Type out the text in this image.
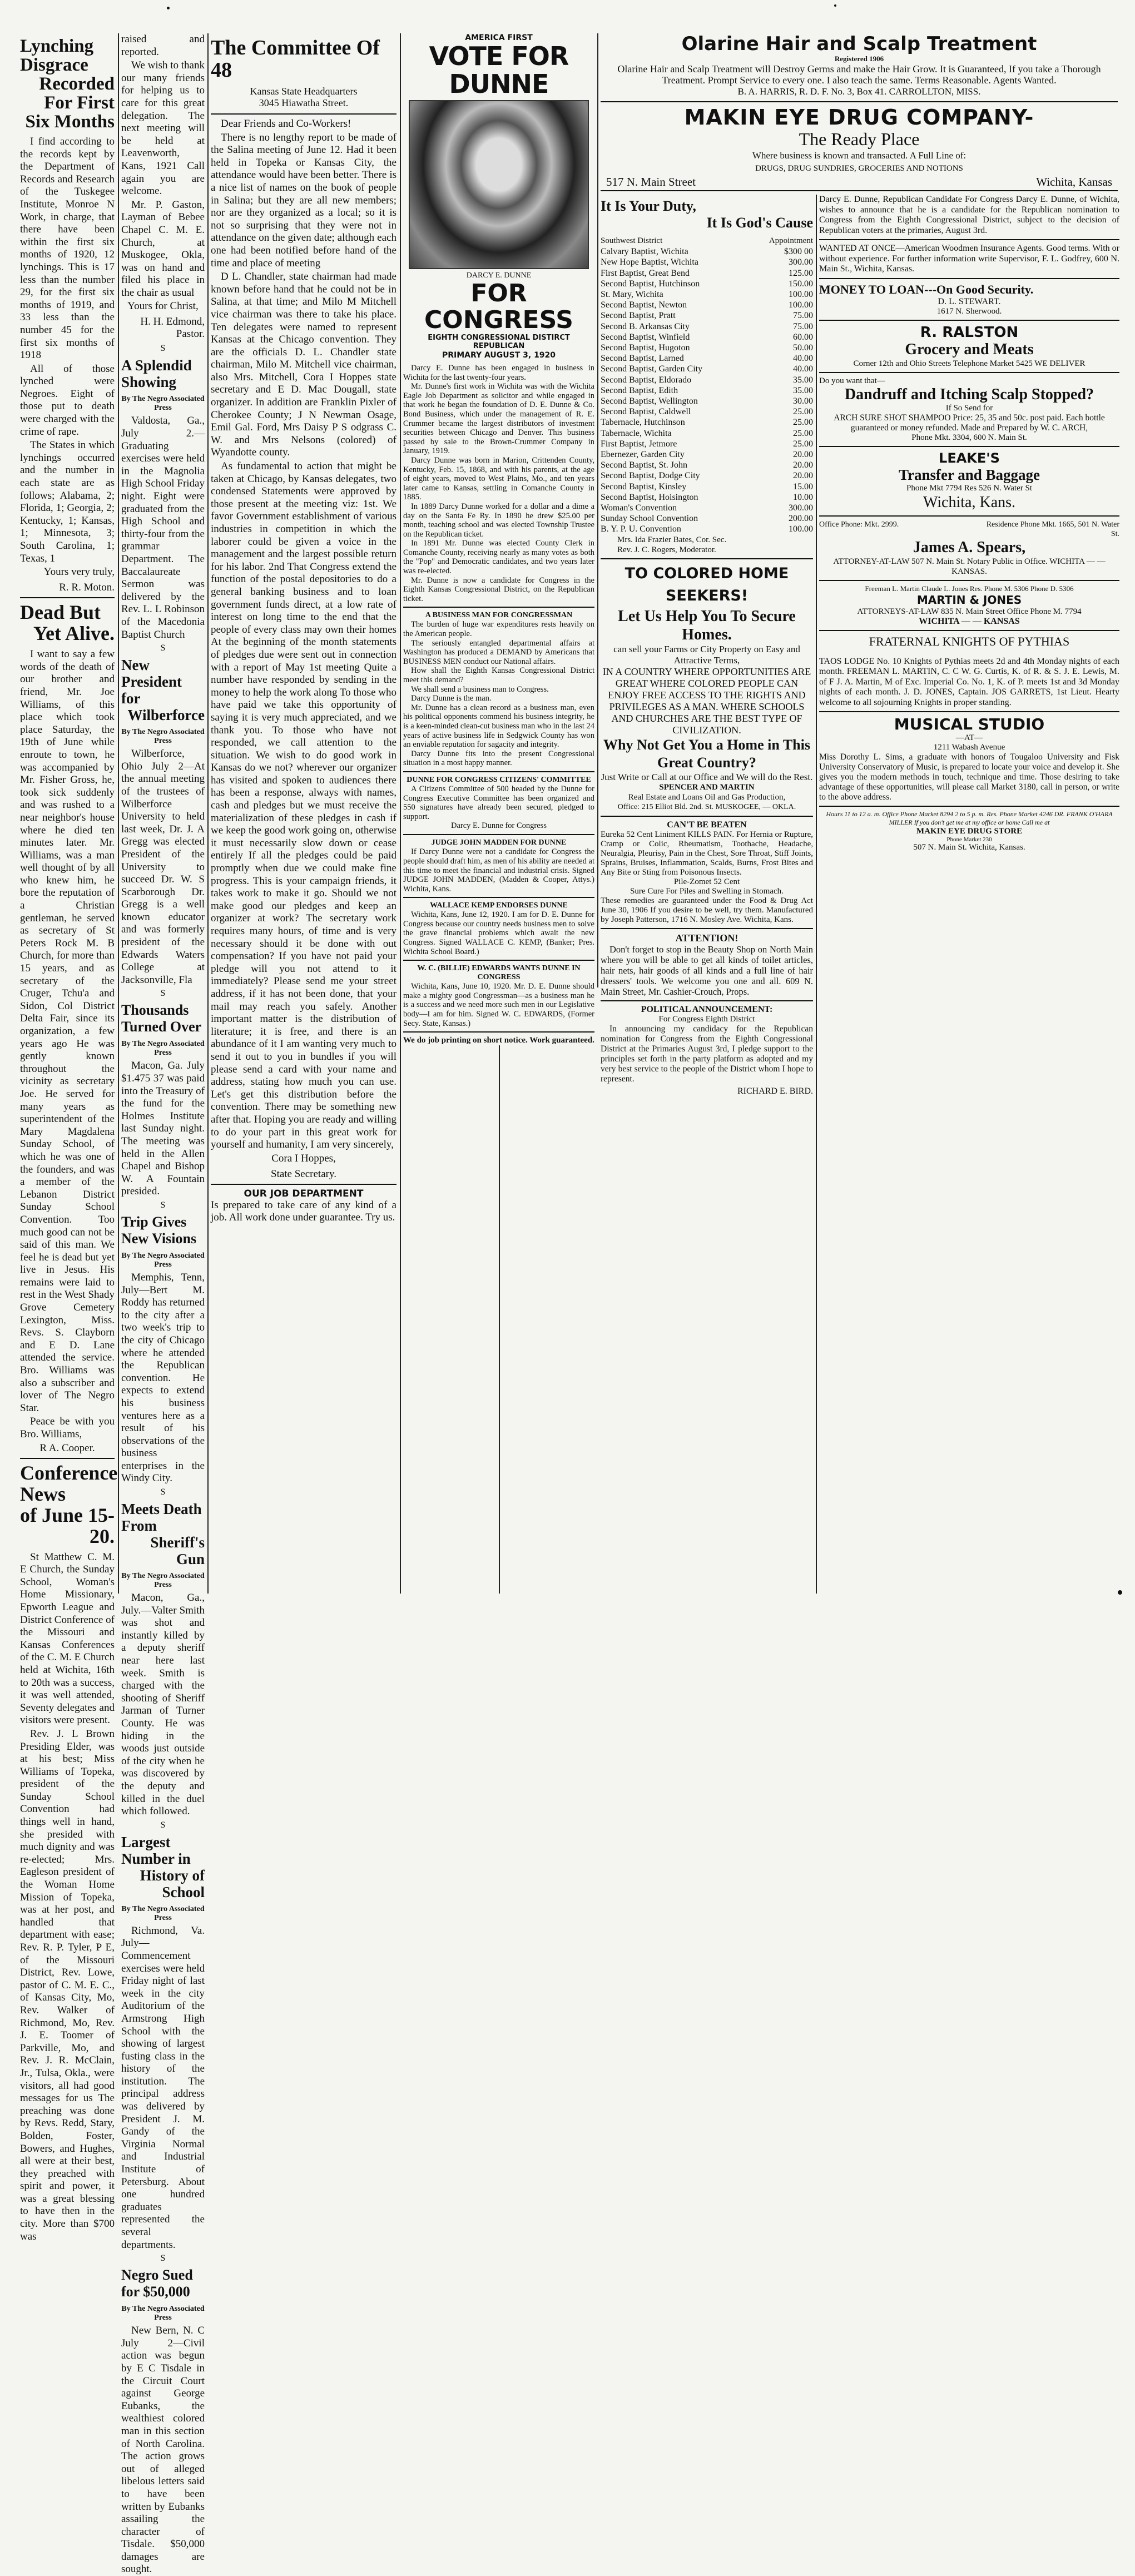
Lynching Disgrace
Recorded For First
Six Months

I find according to the records kept by the Department of Records and Research of the Tuskegee Institute, Monroe N Work, in charge, that there have been within the first six months of 1920, 12 lynchings. This is 17 less than the number 29, for the first six months of 1919, and 33 less than the number 45 for the first six months of 1918

All of those lynched were Negroes. Eight of those put to death were charged with the crime of rape.

The States in which lynchings occurred and the number in each state are as follows; Alabama, 2; Florida, 1; Georgia, 2; Kentucky, 1; Kansas, 1; Minnesota, 3; South Carolina, 1; Texas, 1

Yours very truly,
R. R. Moton.
Dead But
Yet Alive.

I want to say a few words of the death of our brother and friend, Mr. Joe Williams, of this place which took place Saturday, the 19th of June while enroute to town, he was accompanied by Mr. Fisher Gross, he, took sick suddenly and was rushed to a near neighbor's house where he died ten minutes later. Mr. Williams, was a man well thought of by all who knew him, he bore the reputation of a Christian gentleman, he served as secretary of St Peters Rock M. B Church, for more than 15 years, and as secretary of the Cruger, Tchu'a and Sidon, Col District Delta Fair, since its organization, a few years ago He was gently known throughout the vicinity as secretary Joe. He served for many years as superintendent of the Mary Magdalena Sunday School, of which he was one of the founders, and was a member of the Lebanon District Sunday School Convention. Too much good can not be said of this man. We feel he is dead but yet live in Jesus. His remains were laid to rest in the West Shady Grove Cemetery Lexington, Miss. Revs. S. Clayborn and E D. Lane attended the service. Bro. Williams was also a subscriber and lover of The Negro Star.

Peace be with you Bro. Williams,

R A. Cooper.
Conference News
of June 15-20.

St Matthew C. M. E Church, the Sunday School, Woman's Home Missionary, Epworth League and District Conference of the Missouri and Kansas Conferences of the C. M. E Church held at Wichita, 16th to 20th was a success, it was well attended, Seventy delegates and visitors were present.

Rev. J. L Brown Presiding Elder, was at his best; Miss Williams of Topeka, president of the Sunday School Convention had things well in hand, she presided with much dignity and was re-elected; Mrs. Eagleson president of the Woman Home Mission of Topeka, was at her post, and handled that department with ease; Rev. R. P. Tyler, P E, of the Missouri District, Rev. Lowe, pastor of C. M. E. C., of Kansas City, Mo, Rev. Walker of Richmond, Mo, Rev. J. E. Toomer of Parkville, Mo, and Rev. J. R. McClain, Jr., Tulsa, Okla., were visitors, all had good messages for us The preaching was done by Revs. Redd, Stary, Bolden, Foster, Bowers, and Hughes, all were at their best, they preached with spirit and power, it was a great blessing to have then in the city. More than $700 was

raised and reported.

We wish to thank our many friends for helping us to care for this great delegation. The next meeting will be held at Leavenworth, Kans, 1921 Call again you are welcome.

Mr. P. Gaston, Layman of Bebee Chapel C. M. E. Church, at Muskogee, Okla, was on hand and filed his place in the chair as usual

Yours for Christ,
H. H. Edmond, Pastor.
S
A Splendid Showing
By The Negro Associated Press

Valdosta, Ga., July 2.—Graduating exercises were held in the Magnolia High School Friday night. Eight were graduated from the High School and thirty-four from the grammar Department. The Baccalaureate Sermon was delivered by the Rev. L. L Robinson of the Macedonia Baptist Church

S
New President for
Wilberforce
By The Negro Associated Press

Wilberforce, Ohio July 2—At the annual meeting of the trustees of Wilberforce University to held last week, Dr. J. A Gregg was elected President of the University to succeed Dr. W. S Scarborough Dr. Gregg is a well known educator and was formerly president of the Edwards Waters College at Jacksonville, Fla

S
Thousands Turned Over
By The Negro Associated Press

Macon, Ga. July $1.475 37 was paid into the Treasury of the fund for the Holmes Institute last Sunday night. The meeting was held in the Allen Chapel and Bishop W. A Fountain presided.

S
Trip Gives New Visions
By The Negro Associated Press

Memphis, Tenn, July—Bert M. Roddy has returned to the city after a two week's trip to the city of Chicago where he attended the Republican convention. He expects to extend his business ventures here as a result of his observations of the business enterprises in the Windy City.

S
Meets Death From
Sheriff's Gun
By The Negro Associated Press

Macon, Ga., July.—Valter Smith was shot and instantly killed by a deputy sheriff near here last week. Smith is charged with the shooting of Sheriff Jarman of Turner County. He was hiding in the woods just outside of the city when he was discovered by the deputy and killed in the duel which followed.

S
Largest Number in
History of School
By The Negro Associated Press

Richmond, Va. July—Commencement exercises were held Friday night of last week in the city Auditorium of the Armstrong High School with the showing of largest fusting class in the history of the institution. The principal address was delivered by President J. M. Gandy of the Virginia Normal and Industrial Institute of Petersburg. About one hundred graduates represented the several departments.

S
Negro Sued for $50,000
By The Negro Associated Press

New Bern, N. C July 2—Civil action was begun by E C Tisdale in the Circuit Court against George Eubanks, the wealthiest colored man in this section of North Carolina. The action grows out of alleged libelous letters said to have been written by Eubanks assailing the character of Tisdale. $50,000 damages are sought.

The Committee Of 48
Kansas State Headquarters
3045 Hiawatha Street.

Dear Friends and Co-Workers!

There is no lengthy report to be made of the Salina meeting of June 12. Had it been held in Topeka or Kansas City, the attendance would have been better. There is a nice list of names on the book of people in Salina; but they are all new members; nor are they organized as a local; so it is not so surprising that they were not in attendance on the given date; although each one had been notified before hand of the time and place of meeting

D L. Chandler, state chairman had made known before hand that he could not be in Salina, at that time; and Milo M Mitchell vice chairman was there to take his place. Ten delegates were named to represent Kansas at the Chicago convention. They are the officials D. L. Chandler state chairman, Milo M. Mitchell vice chairman, also Mrs. Mitchell, Cora I Hoppes state secretary and E D. Mac Dougall, state organizer. In addition are Franklin Pixler of Cherokee County; J N Newman Osage, Emil Gal. Ford, Mrs Daisy P S odgrass C. W. and Mrs Nelsons (colored) of Wyandotte county.

As fundamental to action that might be taken at Chicago, by Kansas delegates, two condensed Statements were approved by those present at the meeting viz: 1st. We favor Government establishment of various industries in competition in which the laborer could be given a voice in the management and the largest possible return for his labor. 2nd That Congress extend the function of the postal depositories to do a general banking business and to loan government funds direct, at a low rate of interest on long time to the end that the people of every class may own their homes At the beginning of the month statements of pledges due were sent out in connection with a report of May 1st meeting Quite a number have responded by sending in the money to help the work along To those who have paid we take this opportunity of saying it is very much appreciated, and we thank you. To those who have not responded, we call attention to the situation. We wish to do good work in Kansas do we not? wherever our organizer has visited and spoken to audiences there has been a response, always with names, cash and pledges but we must receive the materialization of these pledges in cash if we keep the good work going on, otherwise it must necessarily slow down or cease entirely If all the pledges could be paid promptly when due we could make fine progress. This is your campaign friends, it takes work to make it go. Should we not make good our pledges and keep an organizer at work? The secretary work requires many hours, of time and is very necessary should it be done with out compensation? If you have not paid your pledge will you not attend to it immediately? Please send me your street address, if it has not been done, that your mail may reach you safely. Another important matter is the distribution of literature; it is free, and there is an abundance of it I am wanting very much to send it out to you in bundles if you will please send a card with your name and address, stating how much you can use. Let's get this distribution before the convention. There may be something new after that. Hoping you are ready and willing to do your part in this great work for yourself and humanity, I am very sincerely,

Cora I Hoppes,
State Secretary.
OUR JOB DEPARTMENT

Is prepared to take care of any kind of a job. All work done under guarantee. Try us.

AMERICA FIRST
VOTE FOR DUNNE
DARCY E. DUNNE
FOR CONGRESS
EIGHTH CONGRESSIONAL DISTIRCT REPUBLICAN
PRIMARY AUGUST 3, 1920

Darcy E. Dunne has been engaged in business in Wichita for the last twenty-four years.

Mr. Dunne's first work in Wichita was with the Wichita Eagle Job Department as solicitor and while engaged in that work he began the foundation of D. E. Dunne & Co. Bond Business, which under the management of R. E. Crummer became the largest distributors of investment securities between Chicago and Denver. This business passed by sale to the Brown-Crummer Company in January, 1919.

Darcy Dunne was born in Marion, Crittenden County, Kentucky, Feb. 15, 1868, and with his parents, at the age of eight years, moved to West Plains, Mo., and ten years later came to Kansas, settling in Comanche County in 1885.

In 1889 Darcy Dunne worked for a dollar and a dime a day on the Santa Fe Ry. In 1890 he drew $25.00 per month, teaching school and was elected Township Trustee on the Republican ticket.

In 1891 Mr. Dunne was elected County Clerk in Comanche County, receiving nearly as many votes as both the "Pop" and Democratic candidates, and two years later was re-elected.

Mr. Dunne is now a candidate for Congress in the Eighth Kansas Congressional District, on the Republican ticket.

A BUSINESS MAN FOR CONGRESSMAN

The burden of huge war expenditures rests heavily on the American people.

The seriously entangled departmental affairs at Washington has produced a DEMAND by Americans that BUSINESS MEN conduct our National affairs.

How shall the Eighth Kansas Congressional District meet this demand?

We shall send a business man to Congress.

Darcy Dunne is the man.

Mr. Dunne has a clean record as a business man, even his political opponents commend his business integrity, he is a keen-minded clean-cut business man who in the last 24 years of active business life in Sedgwick County has won an enviable reputation for sagacity and integrity.

Darcy Dunne fits into the present Congressional situation in a most happy manner.

DUNNE FOR CONGRESS CITIZENS' COMMITTEE

A Citizens Committee of 500 headed by the Dunne for Congress Executive Committee has been organized and 550 signatures have already been secured, pledged to support.

Darcy E. Dunne for Congress
JUDGE JOHN MADDEN FOR DUNNE

If Darcy Dunne were not a candidate for Congress the people should draft him, as men of his ability are needed at this time to meet the financial and industrial crisis. Signed JUDGE JOHN MADDEN, (Madden & Cooper, Attys.) Wichita, Kans.

WALLACE KEMP ENDORSES DUNNE

Wichita, Kans, June 12, 1920. I am for D. E. Dunne for Congress because our country needs business men to solve the grave financial problems which await the new Congress. Signed WALLACE C. KEMP, (Banker; Pres. Wichita School Board.)

W. C. (BILLIE) EDWARDS WANTS DUNNE IN CONGRESS

Wichita, Kans, June 10, 1920. Mr. D. E. Dunne should make a mighty good Congressman—as a business man he is a success and we need more such men in our Legislative body—I am for him. Signed W. C. EDWARDS, (Former Secy. State, Kansas.)

We do job printing on short notice. Work guaranteed.
Olarine Hair and Scalp Treatment
Registered 1906
Olarine Hair and Scalp Treatment will Destroy Germs and make the Hair Grow. It is Guaranteed, If you take a Thorough Treatment. Prompt Service to every one. I also teach the same. Terms Reasonable. Agents Wanted.
B. A. HARRIS, R. D. F. No. 3, Box 41. CARROLLTON, MISS.
MAKIN EYE DRUG COMPANY-
The Ready Place
Where business is known and transacted. A Full Line of:
DRUGS, DRUG SUNDRIES, GROCERIES AND NOTIONS
517 N. Main Street	Wichita, Kansas
It Is Your Duty,
It Is God's Cause
Southwest District	Appointment
Calvary Baptist, Wichita	$300 00
New Hope Baptist, Wichita	300.00
First Baptist, Great Bend	125.00
Second Baptist, Hutchinson	150.00
St. Mary, Wichita	100.00
Second Baptist, Newton	100.00
Second Baptist, Pratt	75.00
Second B. Arkansas City	75.00
Second Baptist, Winfield	60.00
Second Baptist, Hugoton	50.00
Second Baptist, Larned	40.00
Second Baptist, Garden City	40.00
Second Baptist, Eldorado	35.00
Second Baptist, Edith	35.00
Second Baptist, Wellington	30.00
Second Baptist, Caldwell	25.00
Tabernacle, Hutchinson	25.00
Tabernacle, Wichita	25.00
First Baptist, Jetmore	25.00
Ebernezer, Garden City	20.00
Second Baptist, St. John	20.00
Second Baptist, Dodge City	20.00
Second Baptist, Kinsley	15.00
Second Baptist, Hoisington	10.00
Woman's Convention	300.00
Sunday School Convention	200.00
B. Y. P. U. Convention	100.00
Mrs. Ida Frazier Bates, Cor. Sec.
Rev. J. C. Rogers, Moderator.
TO COLORED HOME SEEKERS!
Let Us Help You To Secure Homes.
can sell your Farms or City Property on Easy and Attractive Terms,
IN A COUNTRY WHERE OPPORTUNITIES ARE GREAT WHERE COLORED PEOPLE CAN ENJOY FREE ACCESS TO THE RIGHTS AND PRIVILEGES AS A MAN. WHERE SCHOOLS AND CHURCHES ARE THE BEST TYPE OF CIVILIZATION.
Why Not Get You a Home in This Great Country?
Just Write or Call at our Office and We will do the Rest.
SPENCER AND MARTIN
Real Estate and Loans Oil and Gas Production,
Office: 215 Elliot Bld. 2nd. St. MUSKOGEE, — OKLA.
CAN'T BE BEATEN
Eureka 52 Cent Liniment KILLS PAIN. For Hernia or Rupture, Cramp or Colic, Rheumatism, Toothache, Headache, Neuralgia, Pleurisy, Pain in the Chest, Sore Throat, Stiff Joints, Sprains, Bruises, Inflammation, Scalds, Burns, Frost Bites and Any Bite or Sting from Poisonous Insects.
Pile-Zomet 52 Cent
Sure Cure For Piles and Swelling in Stomach.
These remedies are guaranteed under the Food & Drug Act June 30, 1906 If you desire to be well, try them. Manufactured by Joseph Patterson, 1716 N. Mosley Ave. Wichita, Kans.
ATTENTION!
Don't forget to stop in the Beauty Shop on North Main where you will be able to get all kinds of toilet articles, hair nets, hair goods of all kinds and a full line of hair dressers' tools. We welcome you one and all. 609 N. Main Street, Mr. Cashier-Crouch, Props.
POLITICAL ANNOUNCEMENT:
For Congress Eighth District
In announcing my candidacy for the Republican nomination for Congress from the Eighth Congressional District at the Primaries August 3rd, I pledge support to the principles set forth in the party platform as adopted and my very best service to the people of the District whom I hope to represent.
RICHARD E. BIRD.
Darcy E. Dunne, Republican Candidate For Congress Darcy E. Dunne, of Wichita, wishes to announce that he is a candidate for the Republican nomination to Congress from the Eighth Congressional District, subject to the decision of Republican voters at the primaries, August 3rd.
WANTED AT ONCE—American Woodmen Insurance Agents. Good terms. With or without experience. For further information write Supervisor, F. L. Godfrey, 600 N. Main St., Wichita, Kansas.
MONEY TO LOAN---On Good Security.
D. L. STEWART.
1617 N. Sherwood.
R. RALSTON
Grocery and Meats
Corner 12th and Ohio Streets Telephone Market 5425 WE DELIVER
Do you want that—
Dandruff and Itching Scalp Stopped?
If So Send for
ARCH SURE SHOT SHAMPOO Price: 25, 35 and 50c. post paid. Each bottle guaranteed or money refunded. Made and Prepared by W. C. ARCH,
Phone Mkt. 3304, 600 N. Main St.
LEAKE'S
Transfer and Baggage
Phone Mkt 7794 Res 526 N. Water St
Wichita, Kans.
Office Phone: Mkt. 2999.	Residence Phone Mkt. 1665, 501 N. Water St.
James A. Spears,
ATTORNEY-AT-LAW 507 N. Main St. Notary Public in Office. WICHITA — — KANSAS.
Freeman L. Martin Claude L. Jones Res. Phone M. 5306 Phone D. 5306
MARTIN & JONES
ATTORNEYS-AT-LAW 835 N. Main Street Office Phone M. 7794
WICHITA — — KANSAS
FRATERNAL KNIGHTS OF PYTHIAS
TAOS LODGE No. 10 Knights of Pythias meets 2d and 4th Monday nights of each month. FREEMAN L. MARTIN, C. C W. G. Curtis, K. of R. & S. J. E. Lewis, M. of F J. A. Martin, M of Exc. Imperial Co. No. 1, K. of P. meets 1st and 3d Monday nights of each month. J. D. JONES, Captain. JOS GARRETS, 1st Lieut. Hearty welcome to all sojourning Knights in proper standing.
MUSICAL STUDIO
—AT—
1211 Wabash Avenue
Miss Dorothy L. Sims, a graduate with honors of Tougaloo University and Fisk University Conservatory of Music, is prepared to locate your voice and develop it. She gives you the modern methods in touch, technique and time. Those desiring to take advantage of these opportunities, will please call Market 3180, call in person, or write to the above address.
Hours 11 to 12 a. m. Office Phone Market 8294 2 to 5 p. m. Res. Phone Market 4246 DR. FRANK O'HARA MILLER If you don't get me at my office or home Call me at
MAKIN EYE DRUG STORE
Phone Market 230
507 N. Main St. Wichita, Kansas.
